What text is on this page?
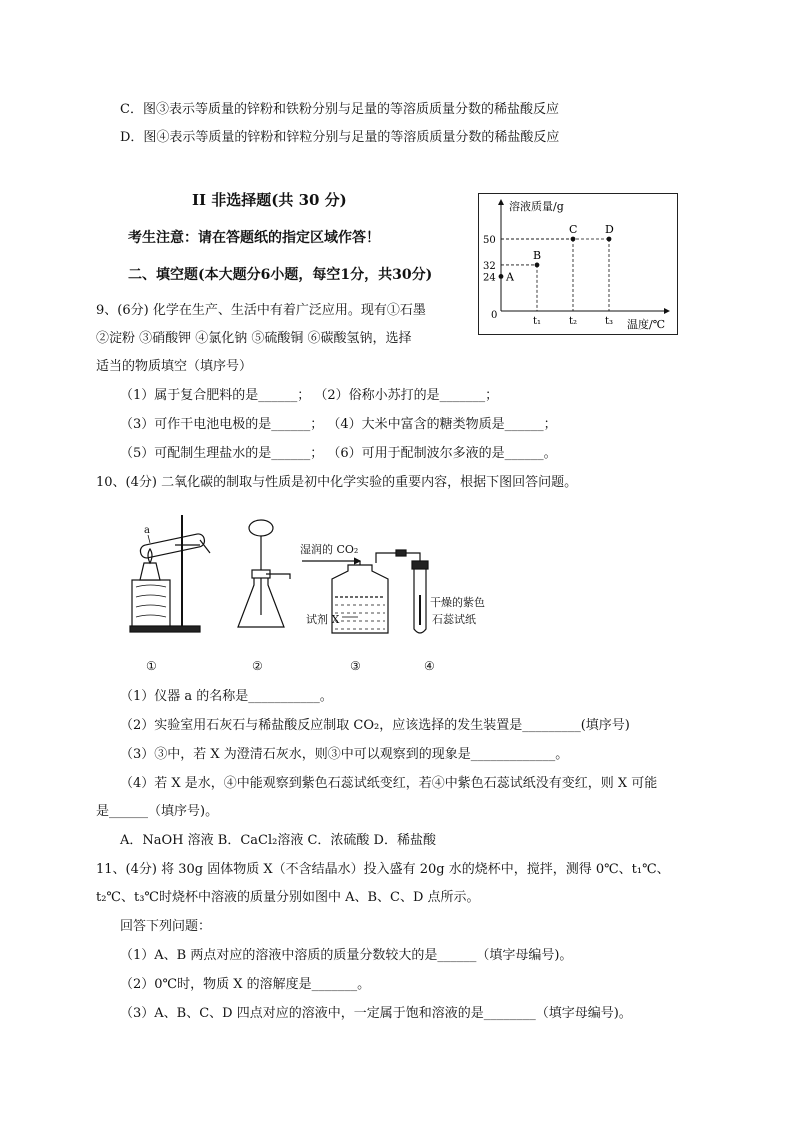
C．图③表示等质量的锌粉和铁粉分别与足量的等溶质质量分数的稀盐酸反应
D．图④表示等质量的锌粉和锌粒分别与足量的等溶质质量分数的稀盐酸反应
II 非选择题(共 30 分)
考生注意：请在答题纸的指定区域作答！
二、填空题(本大题分6小题，每空1分，共30分)
9、(6分) 化学在生产、生活中有着广泛应用。现有①石墨
②淀粉 ③硝酸钾 ④氯化钠 ⑤硫酸铜 ⑥碳酸氢钠，选择
适当的物质填空（填序号）
（1）属于复合肥料的是______； （2）俗称小苏打的是_______；
（3）可作干电池电极的是______； （4）大米中富含的糖类物质是______；
（5）可配制生理盐水的是______； （6）可用于配制波尔多液的是______。
10、(4分) 二氧化碳的制取与性质是初中化学实验的重要内容，根据下图回答问题。
溶液质量/g
温度/℃
0
t₁	t₂	t₃
24
32
50
A
B
C	D
a
湿润的 CO₂
试剂 X
干燥的紫色
石蕊试纸
①	②	③	④
（1）仪器 a 的名称是___________。
（2）实验室用石灰石与稀盐酸反应制取 CO₂，应该选择的发生装置是_________(填序号)
（3）③中，若 X 为澄清石灰水，则③中可以观察到的现象是_____________。
（4）若 X 是水，④中能观察到紫色石蕊试纸变红，若④中紫色石蕊试纸没有变红，则 X 可能
是______（填序号)。
A．NaOH 溶液 B．CaCl₂溶液 C．浓硫酸 D．稀盐酸
11、(4分) 将 30g 固体物质 X（不含结晶水）投入盛有 20g 水的烧杯中，搅拌，测得 0℃、t₁℃、
t₂℃、t₃℃时烧杯中溶液的质量分别如图中 A、B、C、D 点所示。
回答下列问题：
（1）A、B 两点对应的溶液中溶质的质量分数较大的是______（填字母编号)。
（2）0℃时，物质 X 的溶解度是_______。
（3）A、B、C、D 四点对应的溶液中，一定属于饱和溶液的是________（填字母编号)。
